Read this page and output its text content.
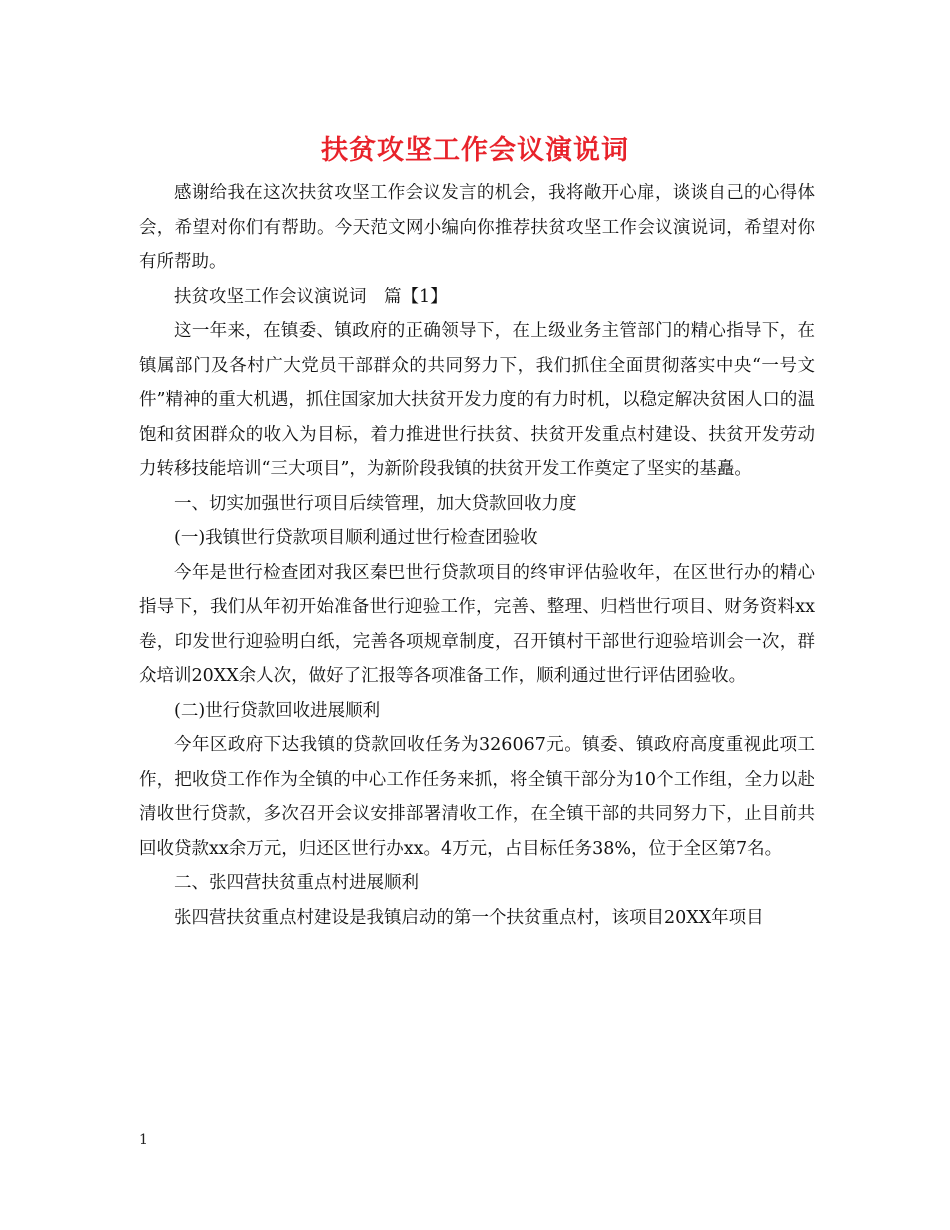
扶贫攻坚工作会议演说词

感谢给我在这次扶贫攻坚工作会议发言的机会，我将敞开心扉，谈谈自己的心得体会，希望对你们有帮助。今天范文网小编向你推荐扶贫攻坚工作会议演说词，希望对你有所帮助。

扶贫攻坚工作会议演说词　篇【1】

这一年来，在镇委、镇政府的正确领导下，在上级业务主管部门的精心指导下，在镇属部门及各村广大党员干部群众的共同努力下，我们抓住全面贯彻落实中央“一号文件”精神的重大机遇，抓住国家加大扶贫开发力度的有力时机，以稳定解决贫困人口的温饱和贫困群众的收入为目标，着力推进世行扶贫、扶贫开发重点村建设、扶贫开发劳动力转移技能培训“三大项目”，为新阶段我镇的扶贫开发工作奠定了坚实的基矗。

一、切实加强世行项目后续管理，加大贷款回收力度

(一)我镇世行贷款项目顺利通过世行检查团验收

今年是世行检查团对我区秦巴世行贷款项目的终审评估验收年，在区世行办的精心指导下，我们从年初开始准备世行迎验工作，完善、整理、归档世行项目、财务资料xx卷，印发世行迎验明白纸，完善各项规章制度，召开镇村干部世行迎验培训会一次，群众培训20XX余人次，做好了汇报等各项准备工作，顺利通过世行评估团验收。

(二)世行贷款回收进展顺利

今年区政府下达我镇的贷款回收任务为326067元。镇委、镇政府高度重视此项工作，把收贷工作作为全镇的中心工作任务来抓，将全镇干部分为10个工作组，全力以赴清收世行贷款，多次召开会议安排部署清收工作，在全镇干部的共同努力下，止目前共回收贷款xx余万元，归还区世行办xx。4万元，占目标任务38%，位于全区第7名。

二、张四营扶贫重点村进展顺利

张四营扶贫重点村建设是我镇启动的第一个扶贫重点村，该项目20XX年项目

1
